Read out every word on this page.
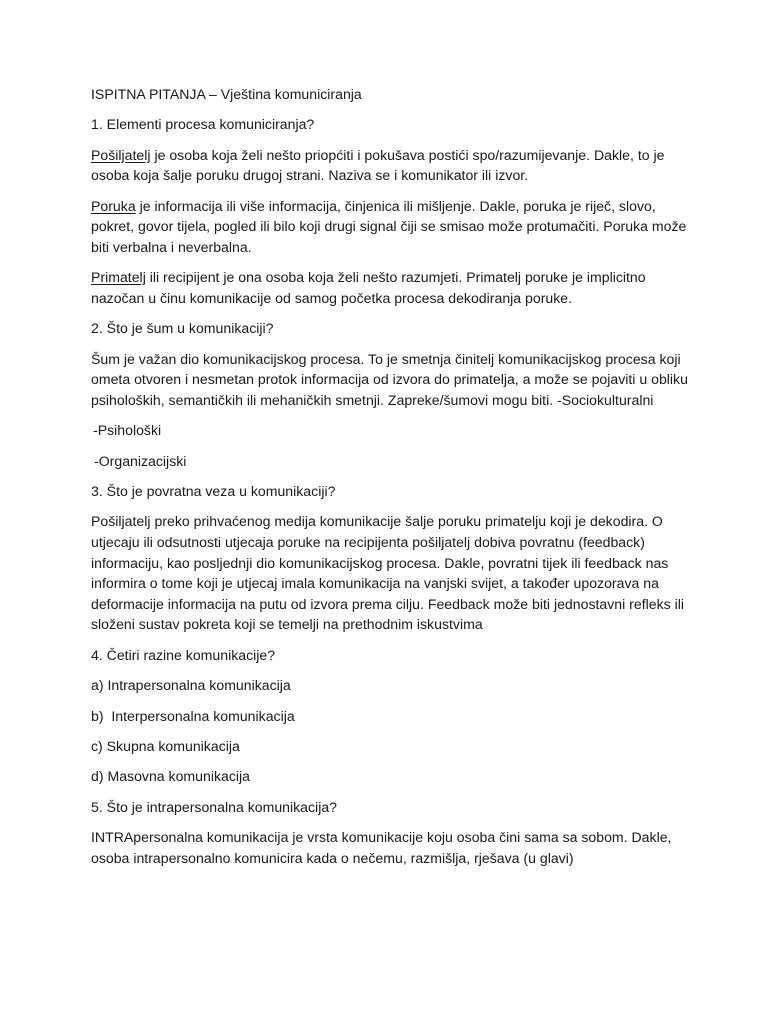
ISPITNA PITANJA – Vještina komuniciranja

1. Elementi procesa komuniciranja?

Pošiljatelj je osoba koja želi nešto priopćiti i pokušava postići spo/razumijevanje. Dakle, to je osoba koja šalje poruku drugoj strani. Naziva se i komunikator ili izvor.

Poruka je informacija ili više informacija, činjenica ili mišljenje. Dakle, poruka je riječ, slovo, pokret, govor tijela, pogled ili bilo koji drugi signal čiji se smisao može protumačiti. Poruka može biti verbalna i neverbalna.

Primatelj ili recipijent je ona osoba koja želi nešto razumjeti. Primatelj poruke je implicitno nazočan u činu komunikacije od samog početka procesa dekodiranja poruke.

2. Što je šum u komunikaciji?

Šum je važan dio komunikacijskog procesa. To je smetnja činitelj komunikacijskog procesa koji ometa otvoren i nesmetan protok informacija od izvora do primatelja, a može se pojaviti u obliku psiholoških, semantičkih ili mehaničkih smetnji. Zapreke/šumovi mogu biti. -Sociokulturalni

-Psihološki

-Organizacijski

3. Što je povratna veza u komunikaciji?

Pošiljatelj preko prihvaćenog medija komunikacije šalje poruku primatelju koji je dekodira. O utjecaju ili odsutnosti utjecaja poruke na recipijenta pošiljatelj dobiva povratnu (feedback) informaciju, kao posljednji dio komunikacijskog procesa. Dakle, povratni tijek ili feedback nas informira o tome koji je utjecaj imala komunikacija na vanjski svijet, a također upozorava na deformacije informacija na putu od izvora prema cilju. Feedback može biti jednostavni refleks ili složeni sustav pokreta koji se temelji na prethodnim iskustvima

4. Četiri razine komunikacije?

a) Intrapersonalna komunikacija

b)  Interpersonalna komunikacija

c) Skupna komunikacija

d) Masovna komunikacija

5. Što je intrapersonalna komunikacija?

INTRApersonalna komunikacija je vrsta komunikacije koju osoba čini sama sa sobom. Dakle, osoba intrapersonalno komunicira kada o nečemu, razmišlja, rješava (u glavi)
